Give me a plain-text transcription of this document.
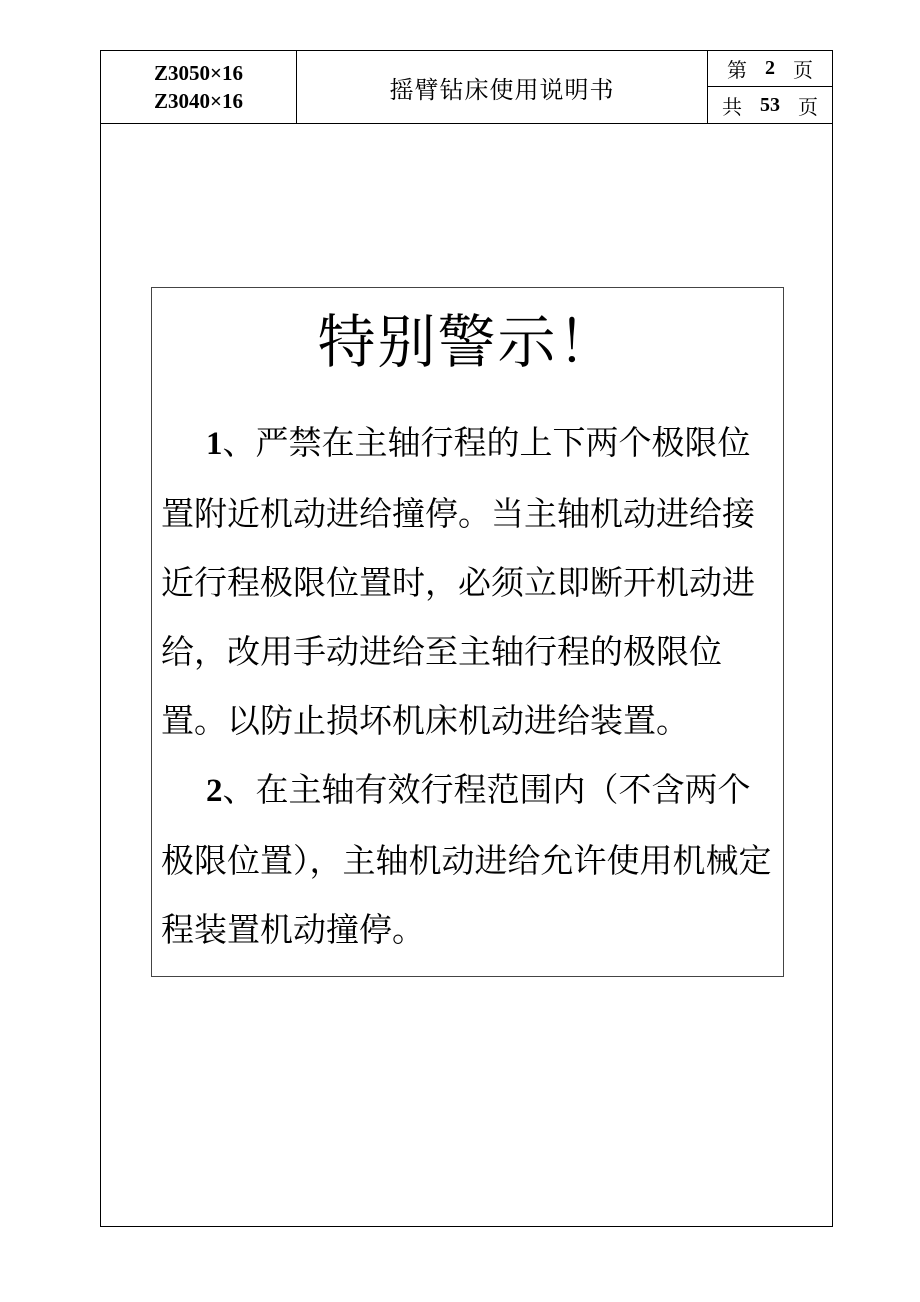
Z3050×16
Z3040×16	摇臂钻床使用说明书
第 2 页
共 53 页
特别警示！

1、严禁在主轴行程的上下两个极限位置附近机动进给撞停。当主轴机动进给接近行程极限位置时，必须立即断开机动进给，改用手动进给至主轴行程的极限位置。以防止损坏机床机动进给装置。

2、在主轴有效行程范围内（不含两个极限位置），主轴机动进给允许使用机械定程装置机动撞停。
